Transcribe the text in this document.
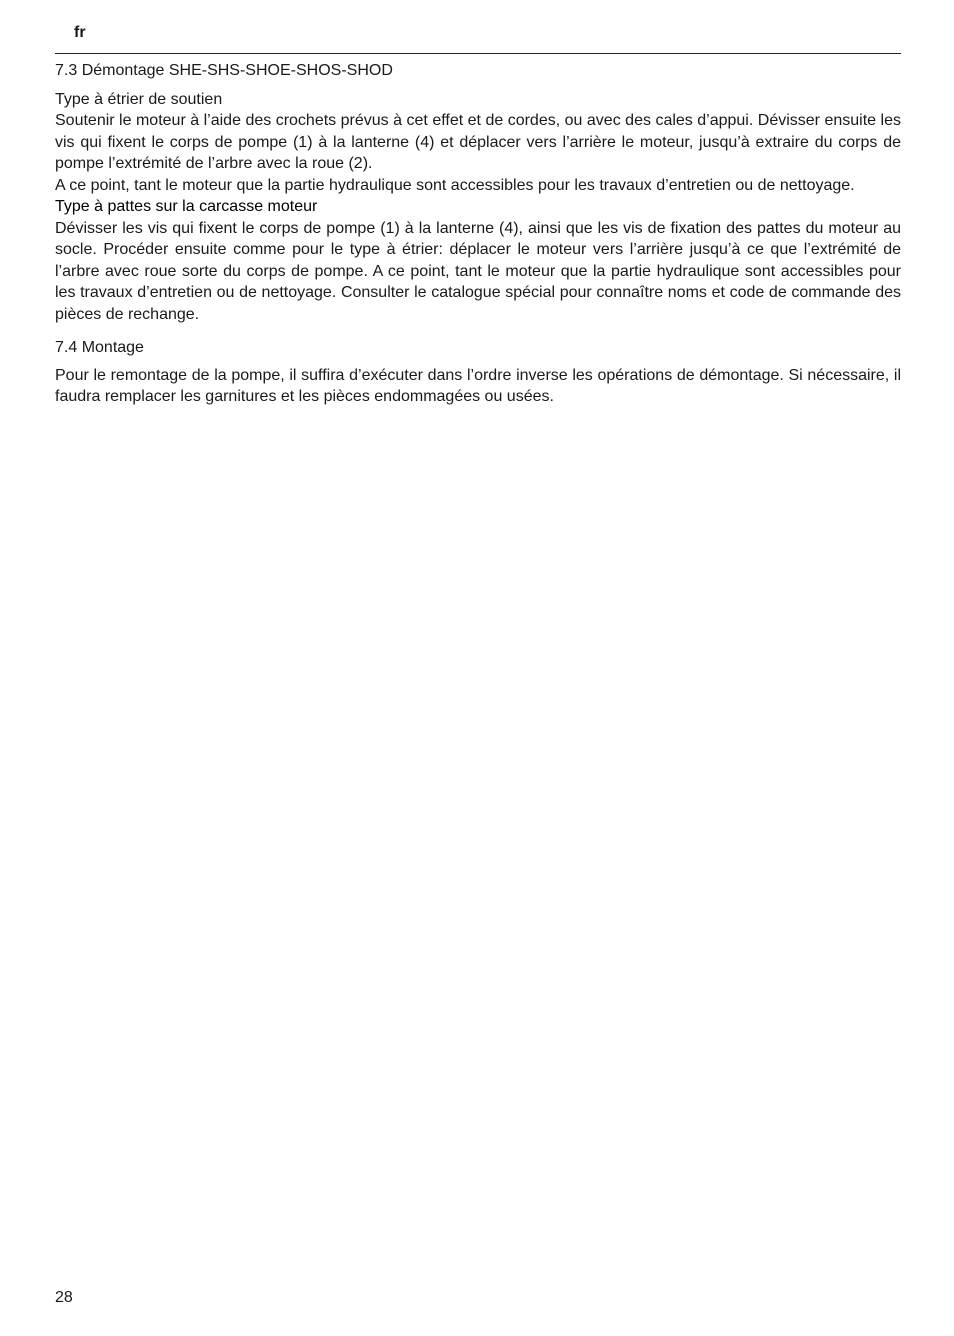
fr
7.3 Démontage SHE-SHS-SHOE-SHOS-SHOD
Type à étrier de soutien

Soutenir le moteur à l’aide des crochets prévus à cet effet et de cordes, ou avec des cales d’appui. Dévisser ensuite les vis qui fixent le corps de pompe (1) à la lanterne (4) et déplacer vers l’arrière le moteur, jusqu’à extraire du corps de pompe l’extrémité de l’arbre avec la roue (2).

A ce point, tant le moteur que la partie hydraulique sont accessibles pour les travaux d’entretien ou de nettoyage.

Type à pattes sur la carcasse moteur

Dévisser les vis qui fixent le corps de pompe (1) à la lanterne (4), ainsi que les vis de fixation des pattes du moteur au socle. Procéder ensuite comme pour le type à étrier: déplacer le moteur vers l’arrière jusqu’à ce que l’extrémité de l’arbre avec roue sorte du corps de pompe. A ce point, tant le moteur que la partie hydraulique sont accessibles pour les travaux d’entretien ou de nettoyage. Consulter le catalogue spécial pour connaître noms et code de commande des pièces de rechange.

7.4 Montage

Pour le remontage de la pompe, il suffira d’exécuter dans l’ordre inverse les opérations de démontage. Si nécessaire, il faudra remplacer les garnitures et les pièces endommagées ou usées.

28
